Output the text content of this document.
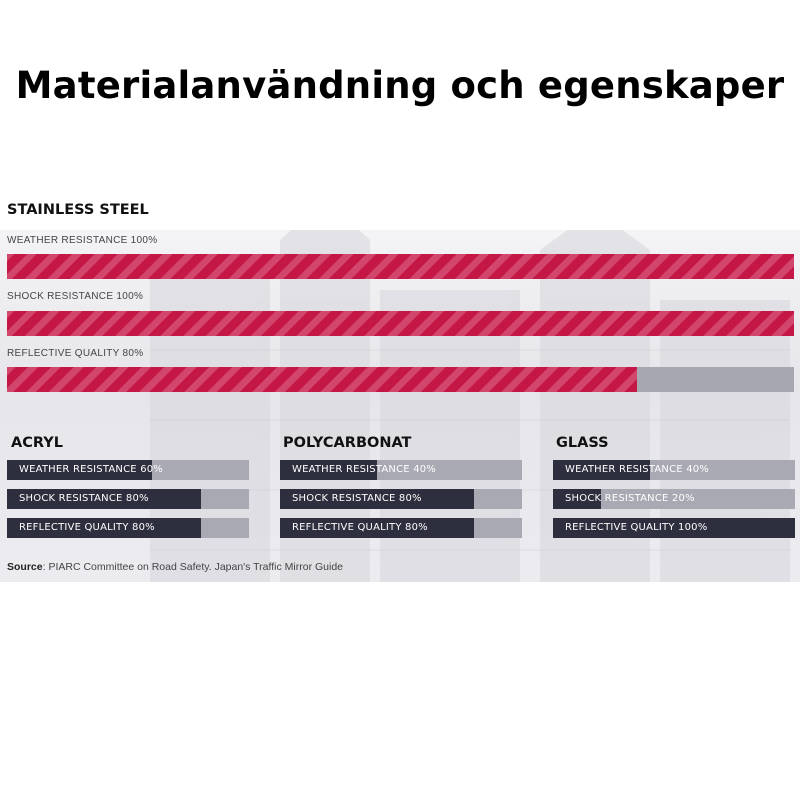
Materialanvändning och egenskaper
STAINLESS STEEL
WEATHER RESISTANCE 100%
SHOCK RESISTANCE 100%
REFLECTIVE QUALITY 80%
ACRYL
WEATHER RESISTANCE 60%
SHOCK RESISTANCE 80%
REFLECTIVE QUALITY 80%
POLYCARBONAT
WEATHER RESISTANCE 40%
SHOCK RESISTANCE 80%
REFLECTIVE QUALITY 80%
GLASS
WEATHER RESISTANCE 40%
SHOCK RESISTANCE 20%
REFLECTIVE QUALITY 100%
Source: PIARC Committee on Road Safety. Japan's Traffic Mirror Guide
